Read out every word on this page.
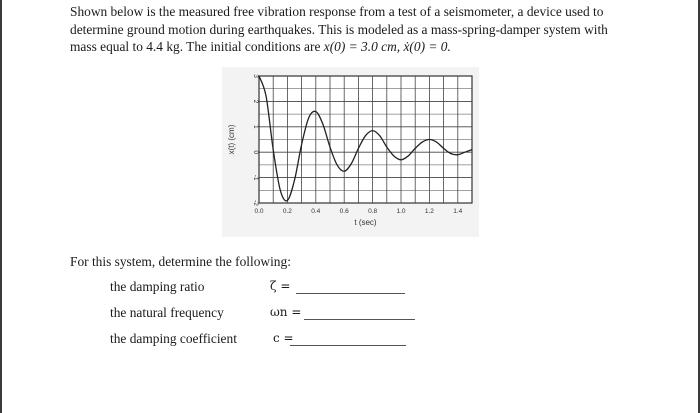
Shown below is the measured free vibration response from a test of a seismometer, a device used to
determine ground motion during earthquakes. This is modeled as a mass-spring-damper system with
mass equal to 4.4 kg. The initial conditions are x(0) = 3.0 cm, ẋ(0) = 0.
0.0	0.2	0.4	0.6	0.8	1.0	1.2	1.4
-2
-1
0
1
2
3
t (sec)
x(t) (cm)
For this system, determine the following:
the damping ratio	ζ =
the natural frequency	ωn =
the damping coefficient	c =
